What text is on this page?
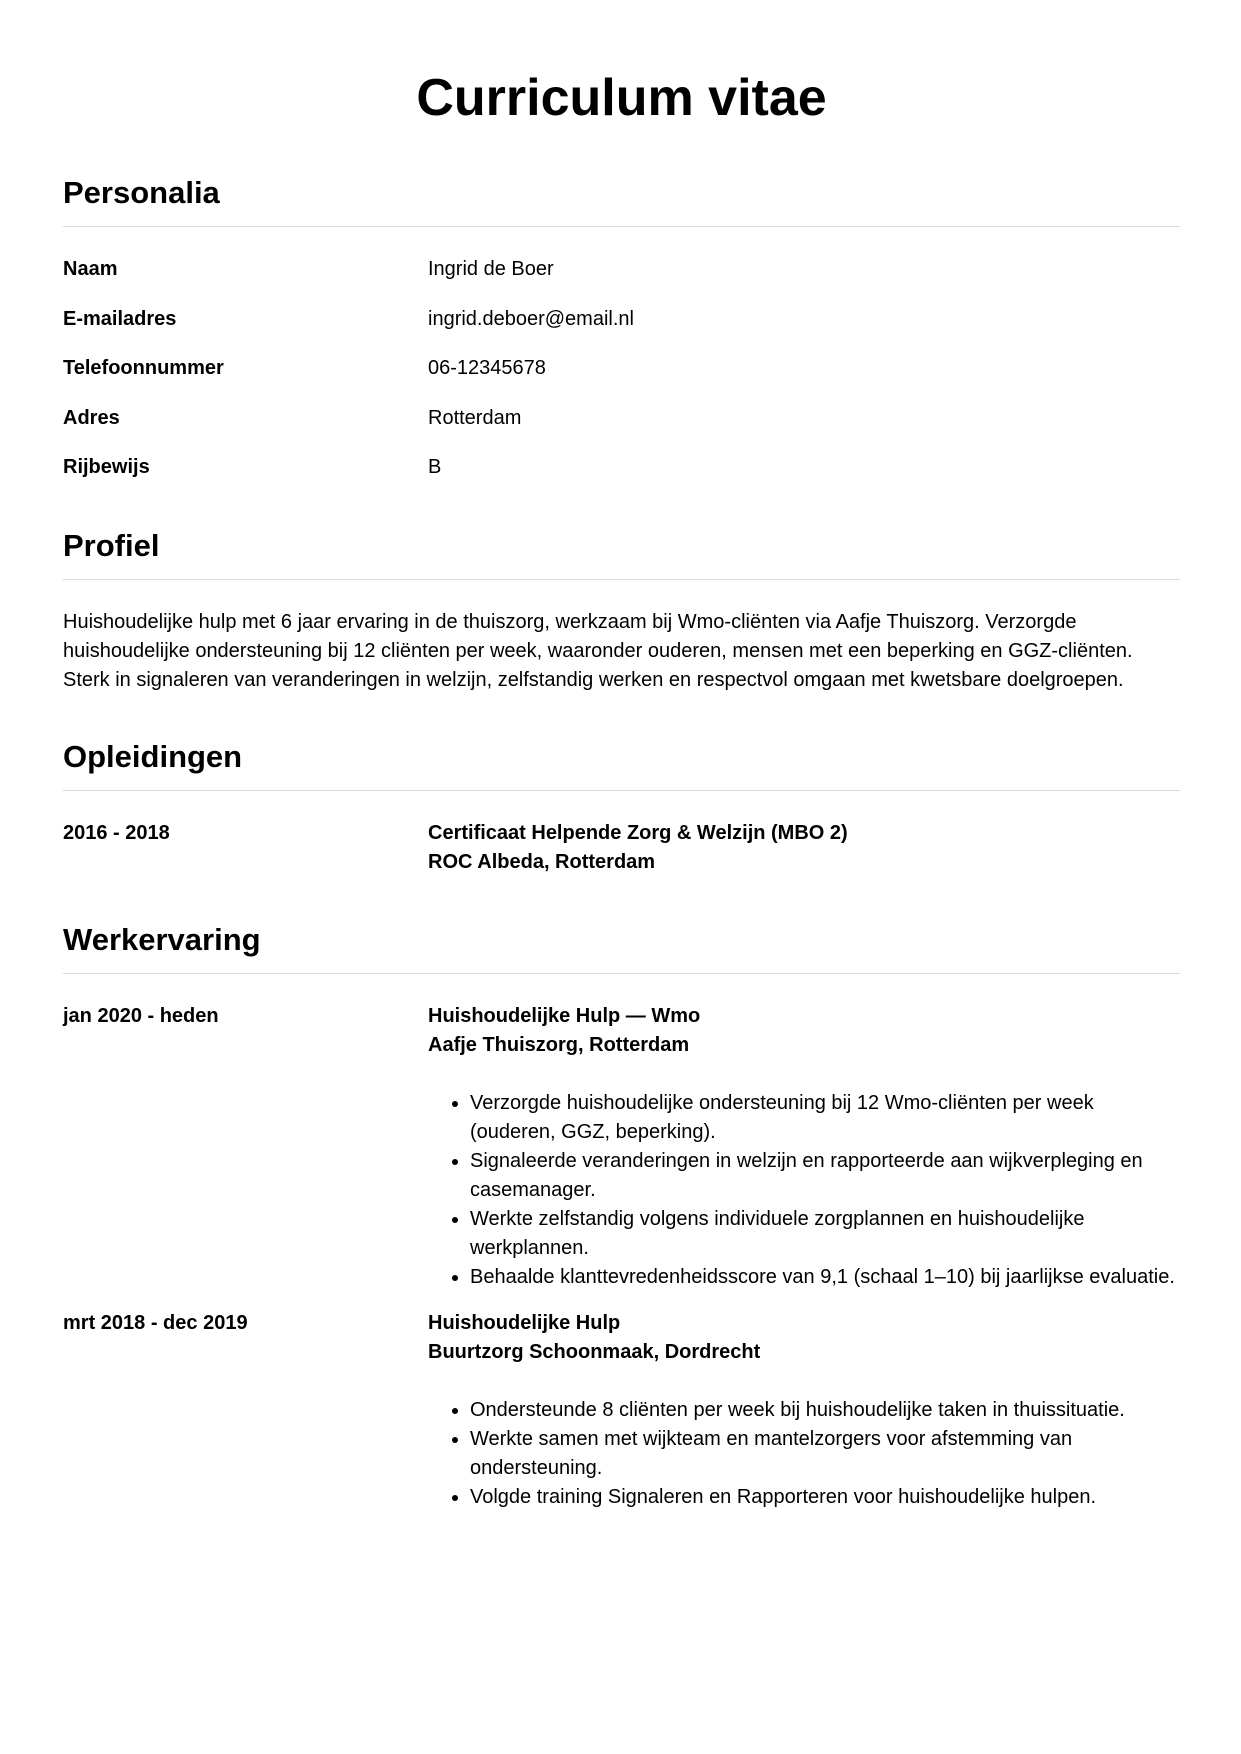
Curriculum vitae
Personalia
Naam	Ingrid de Boer
E-mailadres	ingrid.deboer@email.nl
Telefoonnummer	06-12345678
Adres	Rotterdam
Rijbewijs	B
Profiel

Huishoudelijke hulp met 6 jaar ervaring in de thuiszorg, werkzaam bij Wmo-cliënten via Aafje Thuiszorg. Verzorgde huishoudelijke ondersteuning bij 12 cliënten per week, waaronder ouderen, mensen met een beperking en GGZ-cliënten. Sterk in signaleren van veranderingen in welzijn, zelfstandig werken en respectvol omgaan met kwetsbare doelgroepen.

Opleidingen
2016 - 2018	Certificaat Helpende Zorg & Welzijn (MBO 2)
ROC Albeda, Rotterdam
Werkervaring
jan 2020 - heden	Huishoudelijke Hulp — Wmo
Aafje Thuiszorg, Rotterdam
• Verzorgde huishoudelijke ondersteuning bij 12 Wmo-cliënten per week (ouderen, GGZ, beperking).
• Signaleerde veranderingen in welzijn en rapporteerde aan wijkverpleging en casemanager.
• Werkte zelfstandig volgens individuele zorgplannen en huishoudelijke werkplannen.
• Behaalde klanttevredenheidsscore van 9,1 (schaal 1–10) bij jaarlijkse evaluatie.
mrt 2018 - dec 2019	Huishoudelijke Hulp
Buurtzorg Schoonmaak, Dordrecht
• Ondersteunde 8 cliënten per week bij huishoudelijke taken in thuissituatie.
• Werkte samen met wijkteam en mantelzorgers voor afstemming van ondersteuning.
• Volgde training Signaleren en Rapporteren voor huishoudelijke hulpen.
